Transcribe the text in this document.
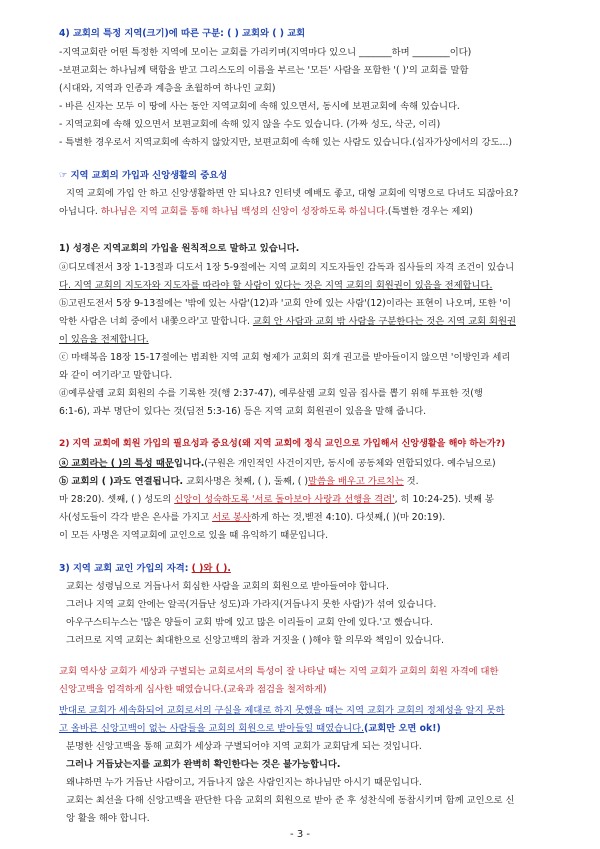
4) 교회의 특정 지역(크기)에 따른 구분: ( ) 교회와 ( ) 교회
-지역교회란 어떤 특정한 지역에 모이는 교회를 가리키며(지역마다 있으니 _______하며 ________이다)
-보편교회는 하나님께 택함을 받고 그리스도의 이름을 부르는 '모든' 사람을 포함한 '( )'의 교회를 말함
(시대와, 지역과 인종과 계층을 초월하여 하나인 교회)
- 바른 신자는 모두 이 땅에 사는 동안 지역교회에 속해 있으면서, 동시에 보편교회에 속해 있습니다.
- 지역교회에 속해 있으면서 보편교회에 속해 있지 않을 수도 있습니다. (가짜 성도, 삭군, 이리)
- 특별한 경우로서 지역교회에 속하지 않았지만, 보편교회에 속해 있는 사람도 있습니다.(십자가상에서의 강도...)
☞ 지역 교회의 가입과 신앙생활의 중요성
지역 교회에 가입 안 하고 신앙생활하면 안 되나요? 인터넷 예배도 좋고, 대형 교회에 익명으로 다녀도 되잖아요?
아닙니다. 하나님은 지역 교회를 통해 하나님 백성의 신앙이 성장하도록 하십니다.(특별한 경우는 제외)
1) 성경은 지역교회의 가입을 원칙적으로 말하고 있습니다.
ⓐ디모데전서 3장 1-13절과 디도서 1장 5-9절에는 지역 교회의 지도자들인 감독과 집사들의 자격 조건이 있습니
다. 지역 교회의 지도자와 지도자를 따라야 할 사람이 있다는 것은 지역 교회의 회원권이 있음을 전제합니다.
ⓑ고린도전서 5장 9-13절에는 '밖에 있는 사람'(12)과 '교회 안에 있는 사람'(12)이라는 표현이 나오며, 또한 '이
악한 사람은 너희 중에서 내쫓으라'고 말합니다. 교회 안 사람과 교회 밖 사람을 구분한다는 것은 지역 교회 회원권
이 있음을 전제합니다.
ⓒ 마태복음 18장 15-17절에는 범죄한 지역 교회 형제가 교회의 회개 권고를 받아들이지 않으면 '이방인과 세리
와 같이 여기라'고 말합니다.
ⓓ예루살렘 교회 회원의 수를 기록한 것(행 2:37-47), 예루살렘 교회 일곱 집사를 뽑기 위해 투표한 것(행
6:1-6), 과부 명단이 있다는 것(딤전 5:3-16) 등은 지역 교회 회원권이 있음을 말해 줍니다.
2) 지역 교회에 회원 가입의 필요성과 중요성(왜 지역 교회에 정식 교인으로 가입해서 신앙생활을 해야 하는가?)
ⓐ 교회라는 ( )의 특성 때문입니다.(구원은 개인적인 사건이지만, 동시에 공동체와 연합되었다. 예수님으로)
ⓑ 교회의 ( )과도 연결됩니다. 교회사명은 첫째, ( ), 둘째, ( )말씀을 배우고 가르치는 것.
마 28:20). 셋째, ( ) 성도의 신앙이 성숙하도록 '서로 돌아보아 사랑과 선행을 격려', 히 10:24-25). 넷째 봉
사(성도들이 각각 받은 은사를 가지고 서로 봉사하게 하는 것,벧전 4:10). 다섯째,( )(마 20:19).
이 모든 사명은 지역교회에 교인으로 있을 때 유익하기 때문입니다.
3) 지역 교회 교인 가입의 자격: ( )와 ( ).
교회는 성령님으로 거듭나서 회심한 사람을 교회의 회원으로 받아들여야 합니다.
그러나 지역 교회 안에는 알곡(거듭난 성도)과 가라지(거듭나지 못한 사람)가 섞여 있습니다.
아우구스티누스는 '많은 양들이 교회 밖에 있고 많은 이리들이 교회 안에 있다.'고 했습니다.
그러므로 지역 교회는 최대한으로 신앙고백의 참과 거짓을 ( )해야 할 의무와 책임이 있습니다.
교회 역사상 교회가 세상과 구별되는 교회로서의 특성이 잘 나타날 때는 지역 교회가 교회의 회원 자격에 대한
신앙고백을 엄격하게 심사한 때였습니다.(교육과 점검을 철저하게)
반대로 교회가 세속화되어 교회로서의 구실을 제대로 하지 못했을 때는 지역 교회가 교회의 정체성을 알지 못하
고 올바른 신앙고백이 없는 사람들을 교회의 회원으로 받아들일 때였습니다.(교회만 오면 ok!)
분명한 신앙고백을 통해 교회가 세상과 구별되어야 지역 교회가 교회답게 되는 것입니다.
그러나 거듭났는지를 교회가 완벽히 확인한다는 것은 불가능합니다.
왜냐하면 누가 거듭난 사람이고, 거듭나지 않은 사람인지는 하나님만 아시기 때문입니다.
교회는 최선을 다해 신앙고백을 판단한 다음 교회의 회원으로 받아 준 후 성찬식에 동참시키며 함께 교인으로 신
앙 활을 해야 합니다.
- 3 -
